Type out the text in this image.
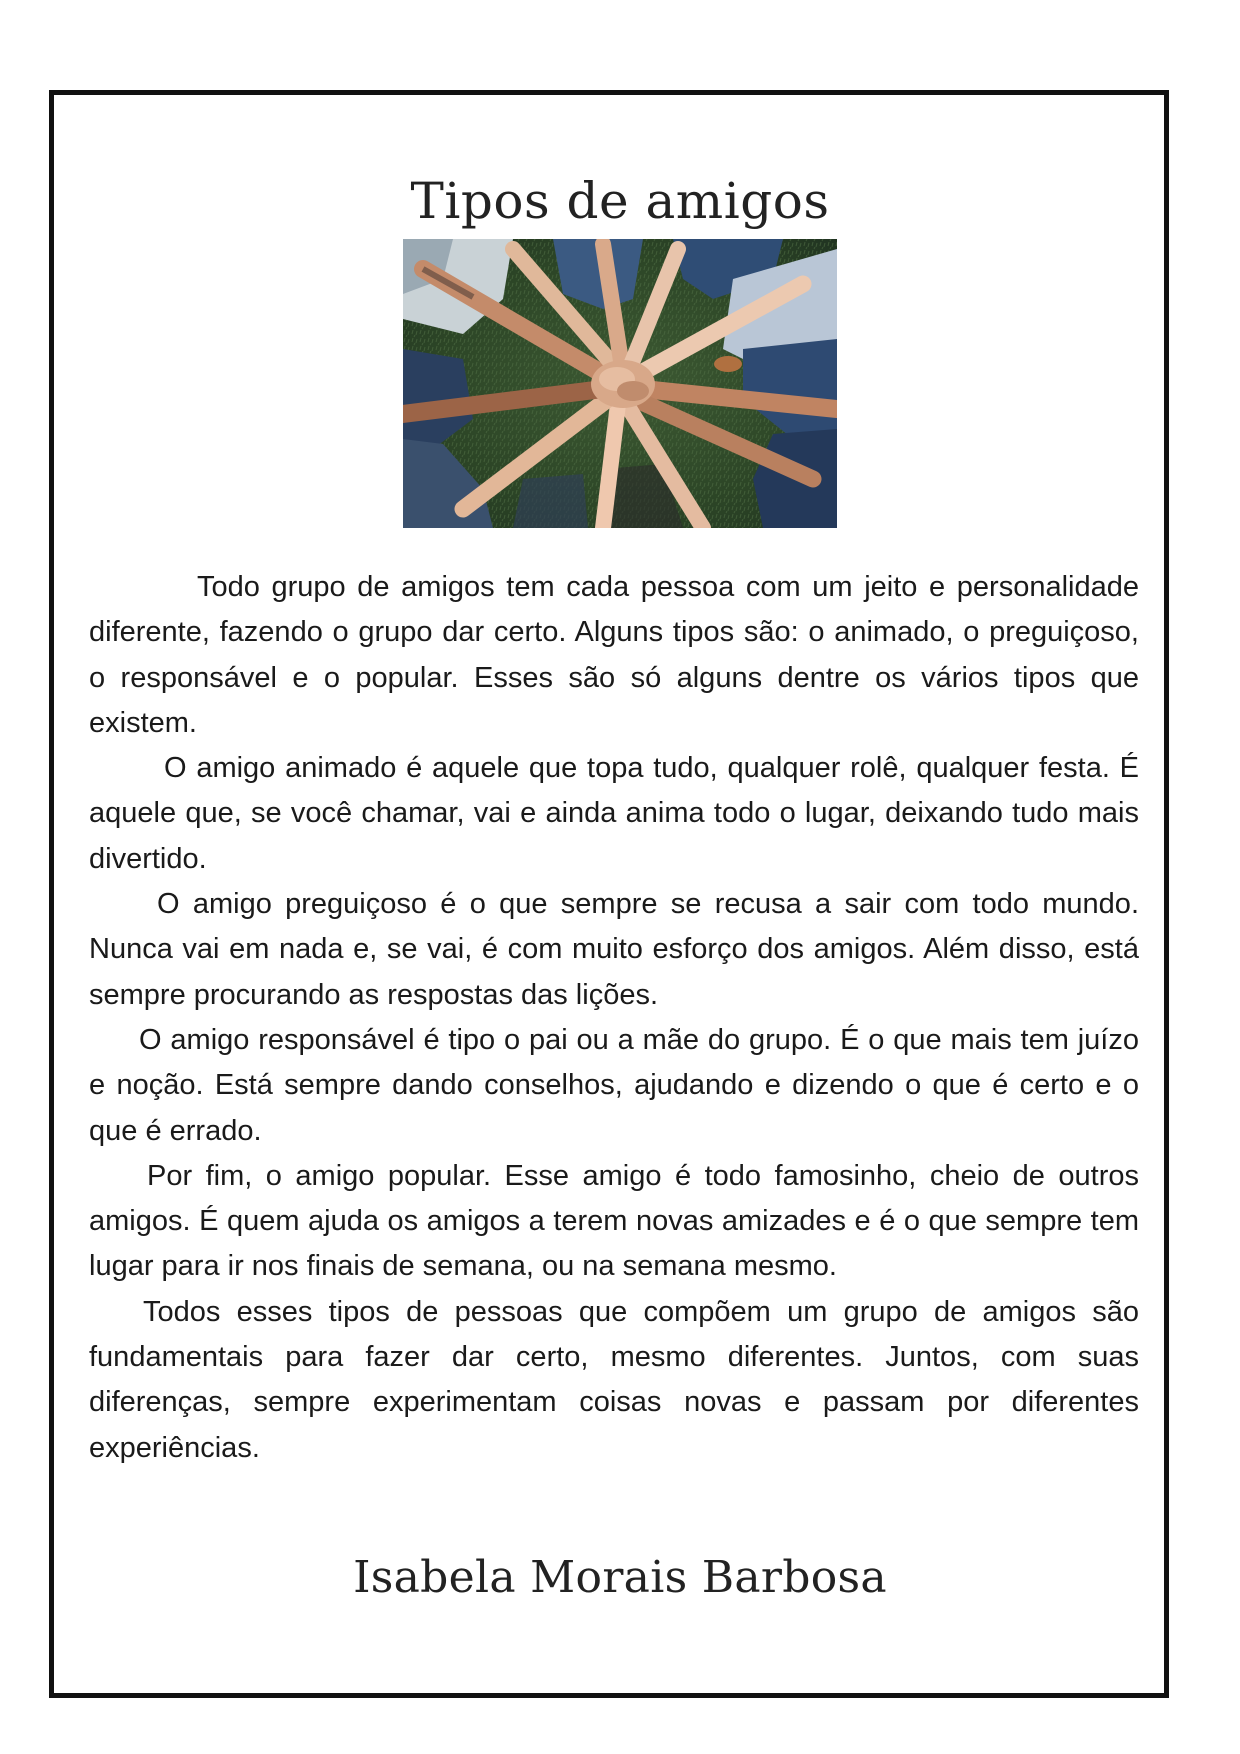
Tipos de amigos

Todo grupo de amigos tem cada pessoa com um jeito e personalidade diferente, fazendo o grupo dar certo. Alguns tipos são: o animado, o preguiçoso, o responsável e o popular. Esses são só alguns dentre os vários tipos que existem.

O amigo animado é aquele que topa tudo, qualquer rolê, qualquer festa. É aquele que, se você chamar, vai e ainda anima todo o lugar, deixando tudo mais divertido.

O amigo preguiçoso é o que sempre se recusa a sair com todo mundo. Nunca vai em nada e, se vai, é com muito esforço dos amigos. Além disso, está sempre procurando as respostas das lições.

O amigo responsável é tipo o pai ou a mãe do grupo. É o que mais tem juízo e noção. Está sempre dando conselhos, ajudando e dizendo o que é certo e o que é errado.

Por fim, o amigo popular. Esse amigo é todo famosinho, cheio de outros amigos. É quem ajuda os amigos a terem novas amizades e é o que sempre tem lugar para ir nos finais de semana, ou na semana mesmo.

Todos esses tipos de pessoas que compõem um grupo de amigos são fundamentais para fazer dar certo, mesmo diferentes. Juntos, com suas diferenças, sempre experimentam coisas novas e passam por diferentes experiências.

Isabela Morais Barbosa
